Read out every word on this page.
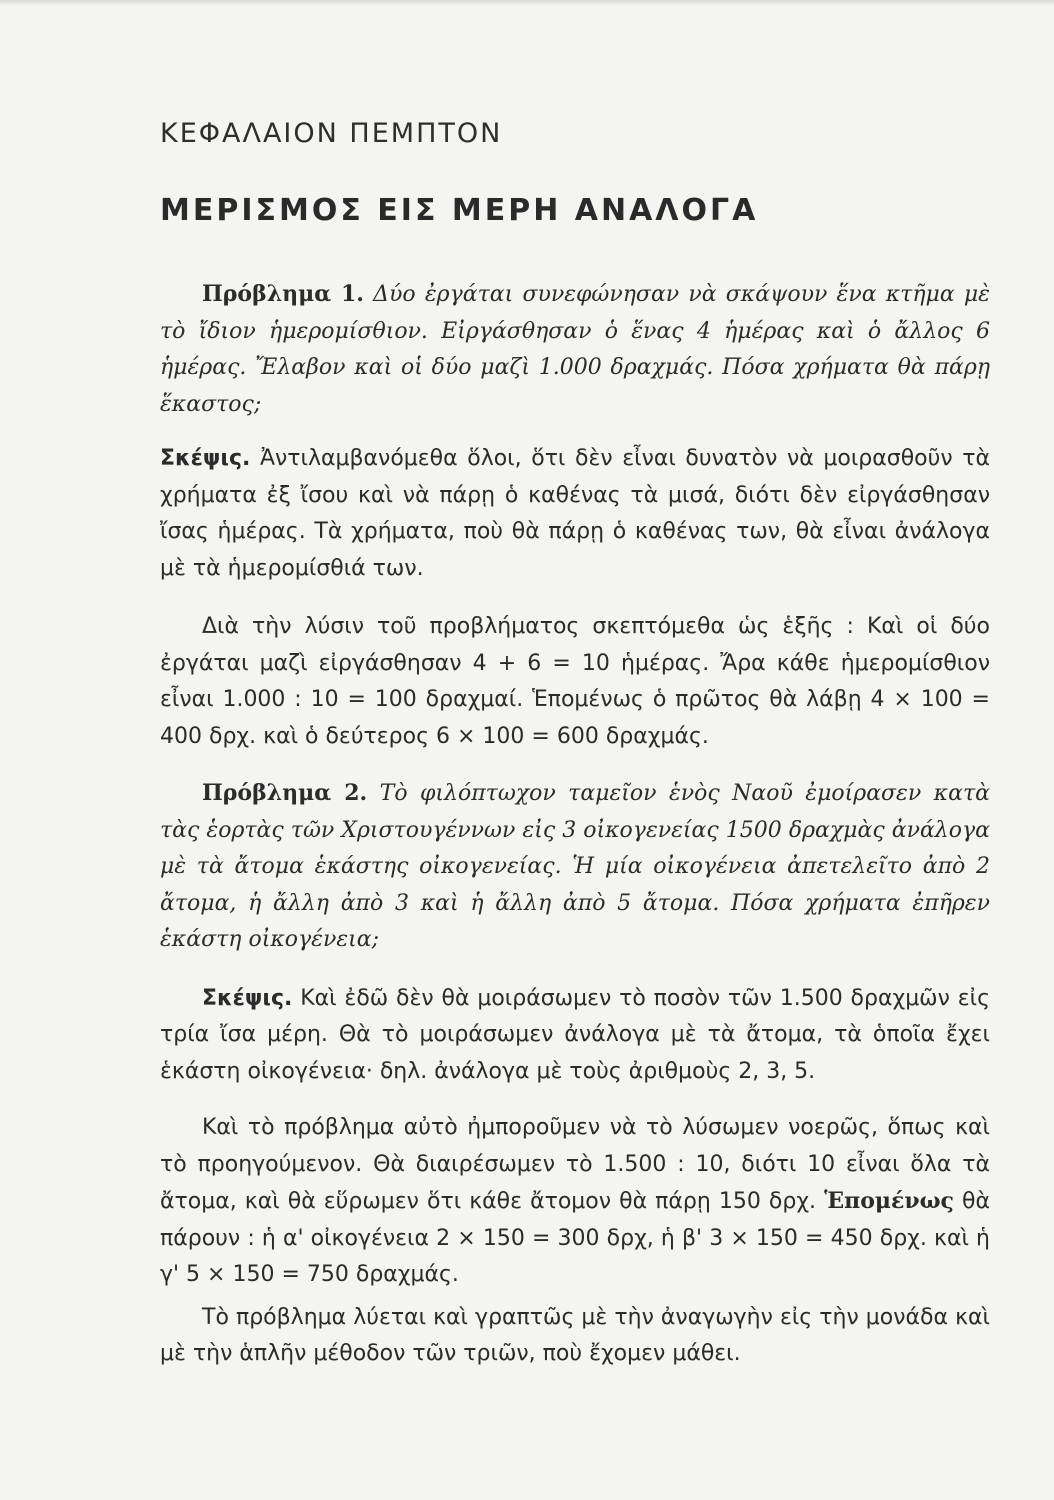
ΚΕΦΑΛΑΙΟΝ ΠΕΜΠΤΟΝ
ΜΕΡΙΣΜΟΣ ΕΙΣ ΜΕΡΗ ΑΝΑΛΟΓΑ

Πρόβλημα 1. Δύο ἐργάται συνεφώνησαν νὰ σκάψουν ἕνα κτῆμα μὲ τὸ ἴδιον ἡμερομίσθιον. Εἰργάσθησαν ὁ ἕνας 4 ἡμέρας καὶ ὁ ἄλλος 6 ἡμέρας. Ἔλαβον καὶ οἱ δύο μαζὶ 1.000 δραχμάς. Πόσα χρήματα θὰ πάρῃ ἕκαστος;

Σκέψις. Ἀντιλαμβανόμεθα ὅλοι, ὅτι δὲν εἶναι δυνατὸν νὰ μοιρασθοῦν τὰ χρήματα ἐξ ἴσου καὶ νὰ πάρῃ ὁ καθένας τὰ μισά, διότι δὲν εἰργάσθησαν ἴσας ἡμέρας. Τὰ χρήματα, ποὺ θὰ πάρῃ ὁ καθένας των, θὰ εἶναι ἀνάλογα μὲ τὰ ἡμερομίσθιά των.

Διὰ τὴν λύσιν τοῦ προβλήματος σκεπτόμεθα ὡς ἑξῆς : Καὶ οἱ δύο ἐργάται μαζὶ εἰργάσθησαν 4 + 6 = 10 ἡμέρας. Ἄρα κάθε ἡμερομίσθιον εἶναι 1.000 : 10 = 100 δραχμαί. Ἑπομένως ὁ πρῶτος θὰ λάβῃ 4 × 100 = 400 δρχ. καὶ ὁ δεύτερος 6 × 100 = 600 δραχμάς.

Πρόβλημα 2. Τὸ φιλόπτωχον ταμεῖον ἑνὸς Ναοῦ ἐμοίρασεν κατὰ τὰς ἑορτὰς τῶν Χριστουγέννων εἰς 3 οἰκογενείας 1500 δραχμὰς ἀνάλογα μὲ τὰ ἄτομα ἑκάστης οἰκογενείας. Ἡ μία οἰκογένεια ἀπετελεῖτο ἀπὸ 2 ἄτομα, ἡ ἄλλη ἀπὸ 3 καὶ ἡ ἄλλη ἀπὸ 5 ἄτομα. Πόσα χρήματα ἐπῆρεν ἑκάστη οἰκογένεια;

Σκέψις. Καὶ ἐδῶ δὲν θὰ μοιράσωμεν τὸ ποσὸν τῶν 1.500 δραχμῶν εἰς τρία ἴσα μέρη. Θὰ τὸ μοιράσωμεν ἀνάλογα μὲ τὰ ἄτομα, τὰ ὁποῖα ἔχει ἑκάστη οἰκογένεια· δηλ. ἀνάλογα μὲ τοὺς ἀριθμοὺς 2, 3, 5.

Καὶ τὸ πρόβλημα αὐτὸ ἠμποροῦμεν νὰ τὸ λύσωμεν νοερῶς, ὅπως καὶ τὸ προηγούμενον. Θὰ διαιρέσωμεν τὸ 1.500 : 10, διότι 10 εἶναι ὅλα τὰ ἄτομα, καὶ θὰ εὕρωμεν ὅτι κάθε ἄτομον θὰ πάρῃ 150 δρχ. Ἑπομένως θὰ πάρουν : ἡ α' οἰκογένεια 2 × 150 = 300 δρχ, ἡ β' 3 × 150 = 450 δρχ. καὶ ἡ γ' 5 × 150 = 750 δραχμάς.

Τὸ πρόβλημα λύεται καὶ γραπτῶς μὲ τὴν ἀναγωγὴν εἰς τὴν μονάδα καὶ μὲ τὴν ἁπλῆν μέθοδον τῶν τριῶν, ποὺ ἔχομεν μάθει.
